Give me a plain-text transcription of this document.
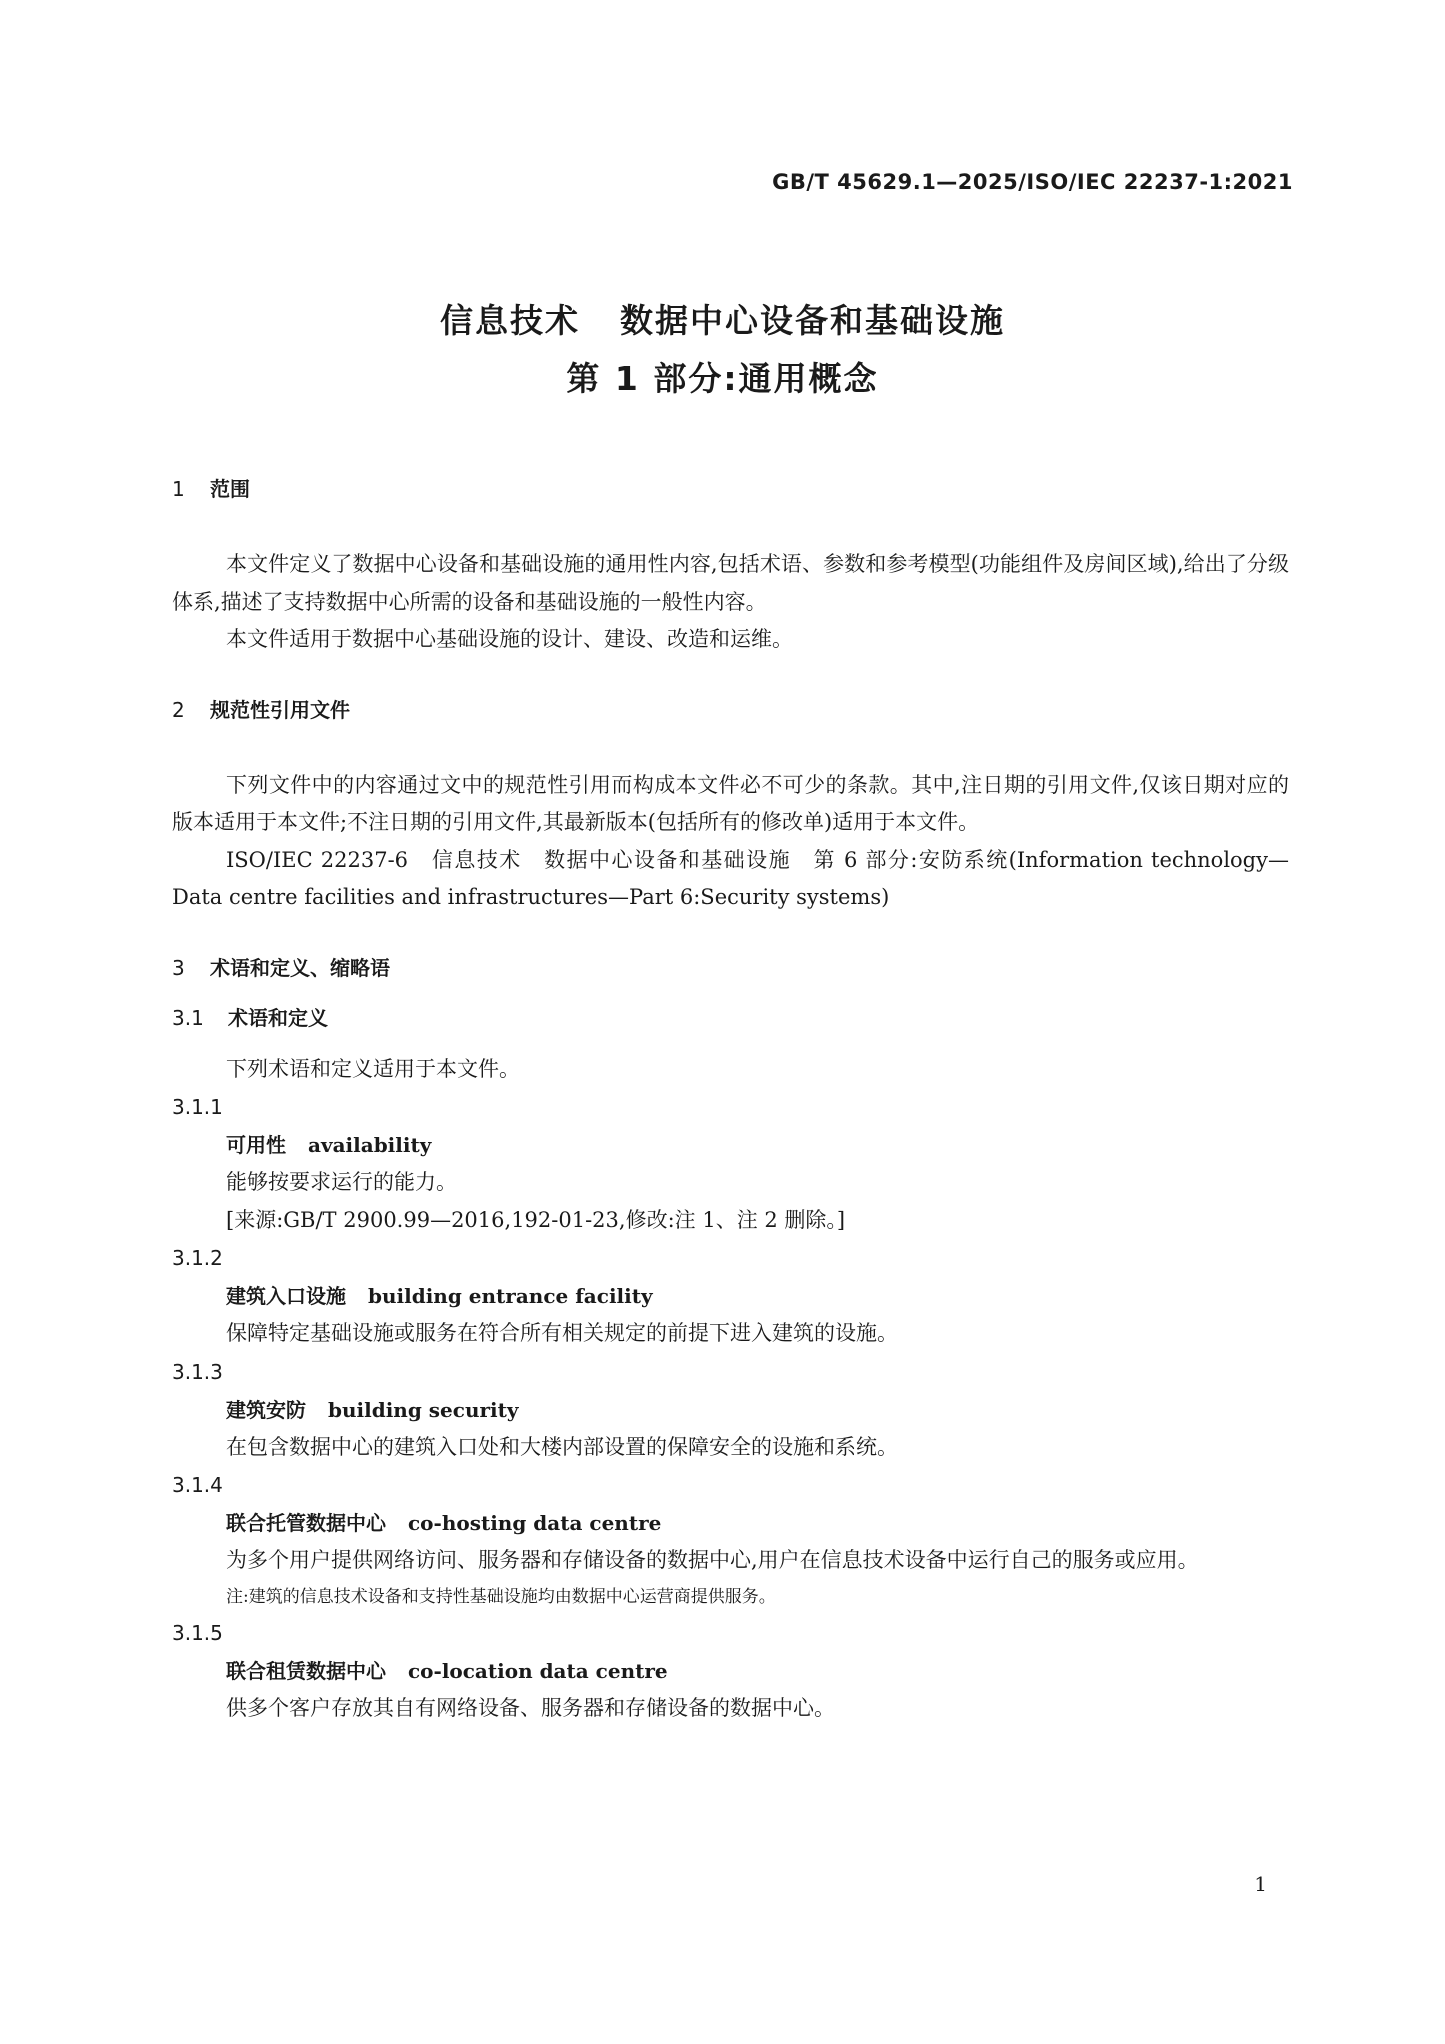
GB/T 45629.1—2025/ISO/IEC 22237-1:2021
信息技术 数据中心设备和基础设施
第 1 部分:通用概念
1 范围

本文件定义了数据中心设备和基础设施的通用性内容,包括术语、参数和参考模型(功能组件及房间区域),给出了分级体系,描述了支持数据中心所需的设备和基础设施的一般性内容。

本文件适用于数据中心基础设施的设计、建设、改造和运维。

2 规范性引用文件

下列文件中的内容通过文中的规范性引用而构成本文件必不可少的条款。其中,注日期的引用文件,仅该日期对应的版本适用于本文件;不注日期的引用文件,其最新版本(包括所有的修改单)适用于本文件。

ISO/IEC 22237-6　信息技术　数据中心设备和基础设施　第 6 部分:安防系统(Information technology—Data centre facilities and infrastructures—Part 6:Security systems)

3 术语和定义、缩略语
3.1 术语和定义

下列术语和定义适用于本文件。

3.1.1
可用性 availability

能够按要求运行的能力。

[来源:GB/T 2900.99—2016,192-01-23,修改:注 1、注 2 删除。]

3.1.2
建筑入口设施 building entrance facility

保障特定基础设施或服务在符合所有相关规定的前提下进入建筑的设施。

3.1.3
建筑安防 building security

在包含数据中心的建筑入口处和大楼内部设置的保障安全的设施和系统。

3.1.4
联合托管数据中心 co-hosting data centre

为多个用户提供网络访问、服务器和存储设备的数据中心,用户在信息技术设备中运行自己的服务或应用。

注:建筑的信息技术设备和支持性基础设施均由数据中心运营商提供服务。
3.1.5
联合租赁数据中心 co-location data centre

供多个客户存放其自有网络设备、服务器和存储设备的数据中心。

1
